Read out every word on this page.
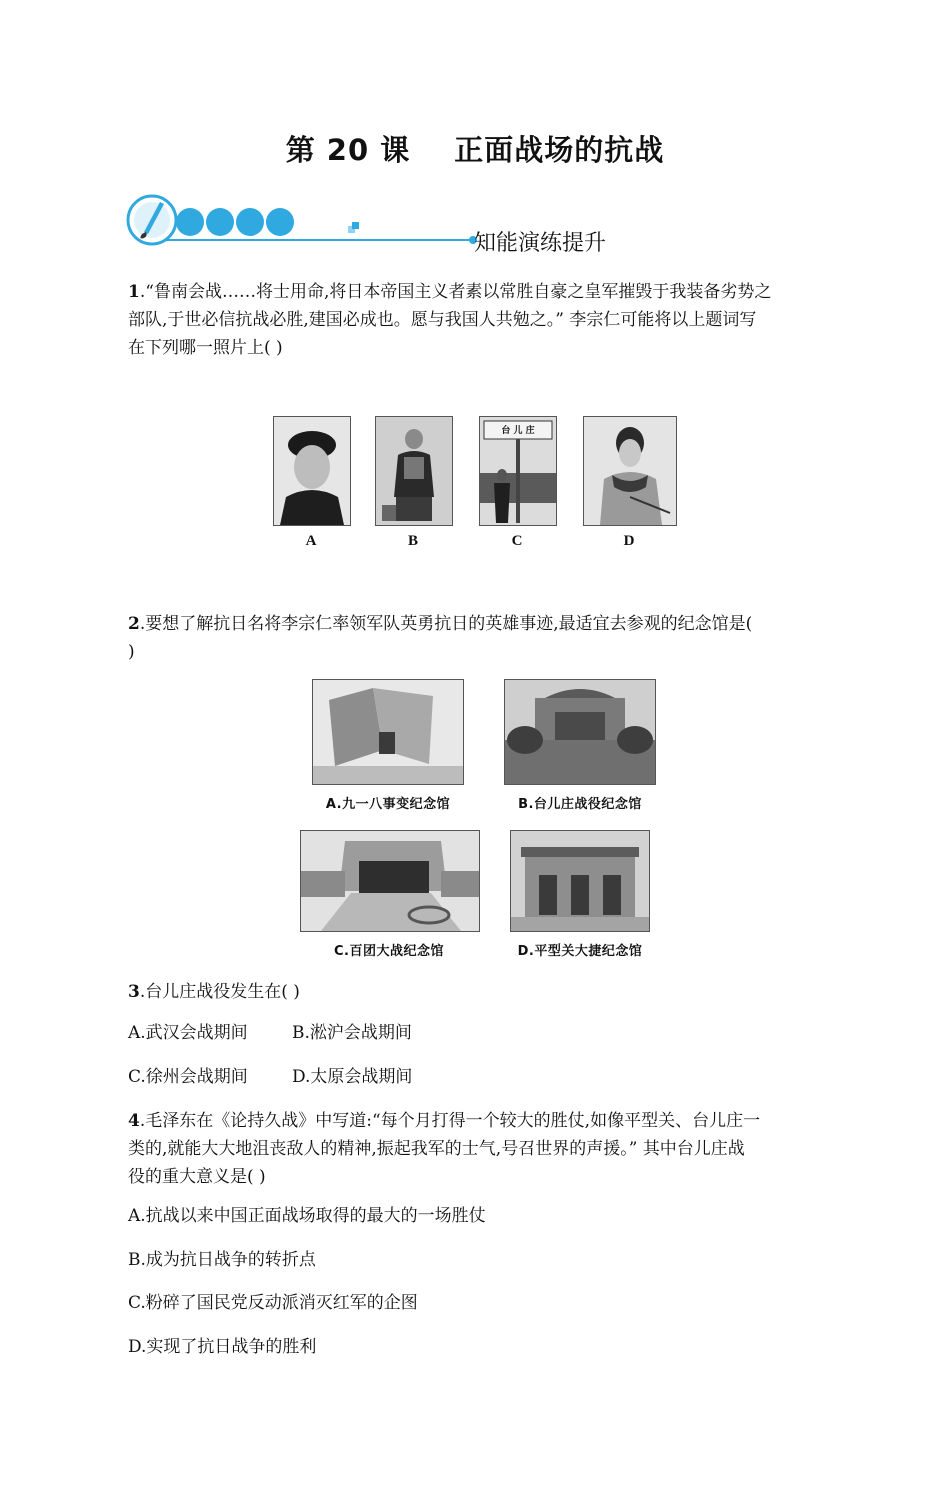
第 20 课 正面战场的抗战
知能演练提升
1.“鲁南会战……将士用命,将日本帝国主义者素以常胜自豪之皇军摧毁于我装备劣势之
部队,于世必信抗战必胜,建国必成也。愿与我国人共勉之。” 李宗仁可能将以上题词写
在下列哪一照片上( )
A	B
台 儿 庄
C	D
2.要想了解抗日名将李宗仁率领军队英勇抗日的英雄事迹,最适宜去参观的纪念馆是(
)
A.九一八事变纪念馆	B.台儿庄战役纪念馆
C.百团大战纪念馆	D.平型关大捷纪念馆
3.台儿庄战役发生在( )
A.武汉会战期间	B.淞沪会战期间
C.徐州会战期间	D.太原会战期间
4.毛泽东在《论持久战》中写道:“每个月打得一个较大的胜仗,如像平型关、台儿庄一
类的,就能大大地沮丧敌人的精神,振起我军的士气,号召世界的声援。” 其中台儿庄战
役的重大意义是( )
A.抗战以来中国正面战场取得的最大的一场胜仗
B.成为抗日战争的转折点
C.粉碎了国民党反动派消灭红军的企图
D.实现了抗日战争的胜利
